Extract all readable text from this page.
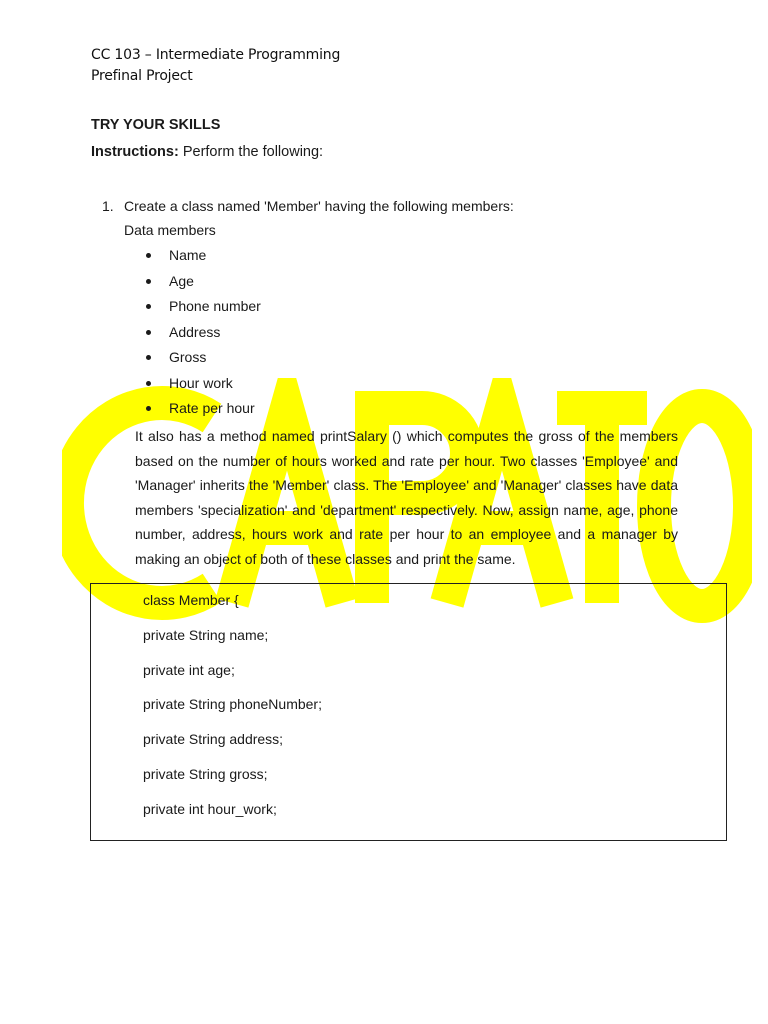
CC 103 – Intermediate Programming
Prefinal Project
TRY YOUR SKILLS
Instructions: Perform the following:
1. Create a class named 'Member' having the following members:
Data members
Name
Age
Phone number
Address
Gross
Hour work
Rate per hour
It also has a method named printSalary () which computes the gross of the members based on the number of hours worked and rate per hour. Two classes 'Employee' and 'Manager' inherits the 'Member' class. The 'Employee' and 'Manager' classes have data members 'specialization' and 'department' respectively. Now, assign name, age, phone number, address, hours work and rate per hour to an employee and a manager by making an object of both of these classes and print the same.
class Member {
private String name;
private int age;
private String phoneNumber;
private String address;
private String gross;
private int hour_work;
